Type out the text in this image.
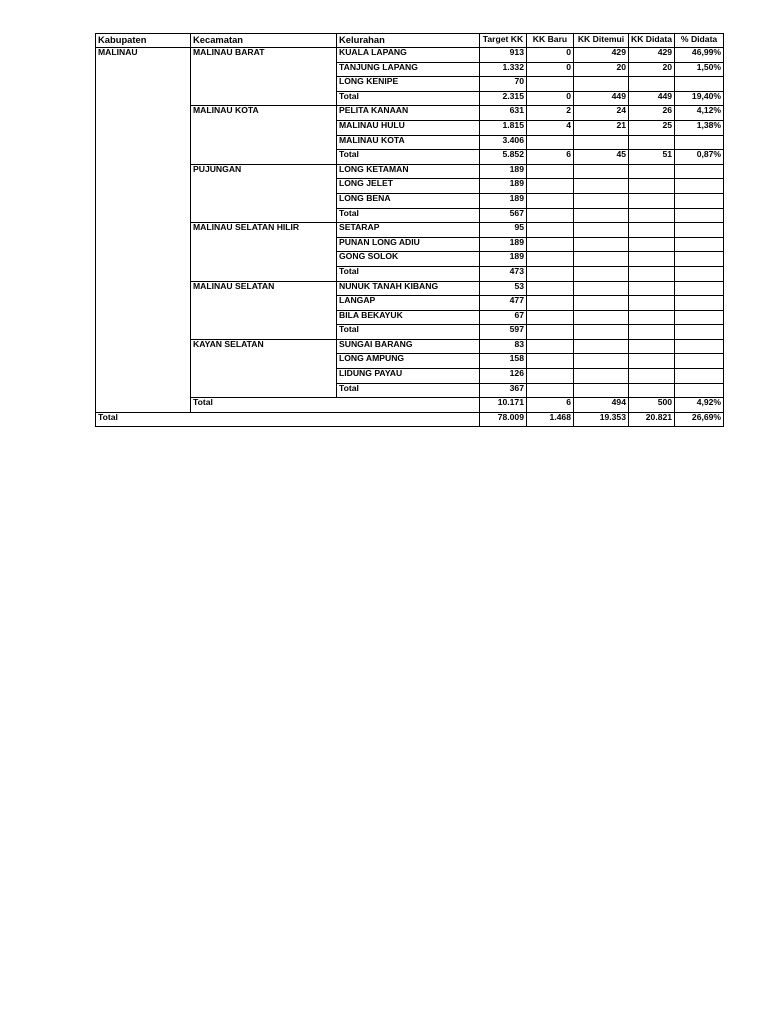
Kabupaten	Kecamatan	Kelurahan	Target KK	KK Baru	KK Ditemui	KK Didata	% Didata
MALINAU	MALINAU BARAT	KUALA LAPANG	913	0	429	429	46,99%
		TANJUNG LAPANG	1.332	0	20	20	1,50%
		LONG KENIPE	70				
		Total	2.315	0	449	449	19,40%
	MALINAU KOTA	PELITA KANAAN	631	2	24	26	4,12%
		MALINAU HULU	1.815	4	21	25	1,38%
		MALINAU KOTA	3.406				
		Total	5.852	6	45	51	0,87%
	PUJUNGAN	LONG KETAMAN	189				
		LONG JELET	189				
		LONG BENA	189				
		Total	567				
	MALINAU SELATAN HILIR	SETARAP	95				
		PUNAN LONG ADIU	189				
		GONG SOLOK	189				
		Total	473				
	MALINAU SELATAN	NUNUK TANAH KIBANG	53				
		LANGAP	477				
		BILA BEKAYUK	67				
		Total	597				
	KAYAN SELATAN	SUNGAI BARANG	83				
		LONG AMPUNG	158				
		LIDUNG PAYAU	126				
		Total	367				
	Total		10.171	6	494	500	4,92%
Total			78.009	1.468	19.353	20.821	26,69%
